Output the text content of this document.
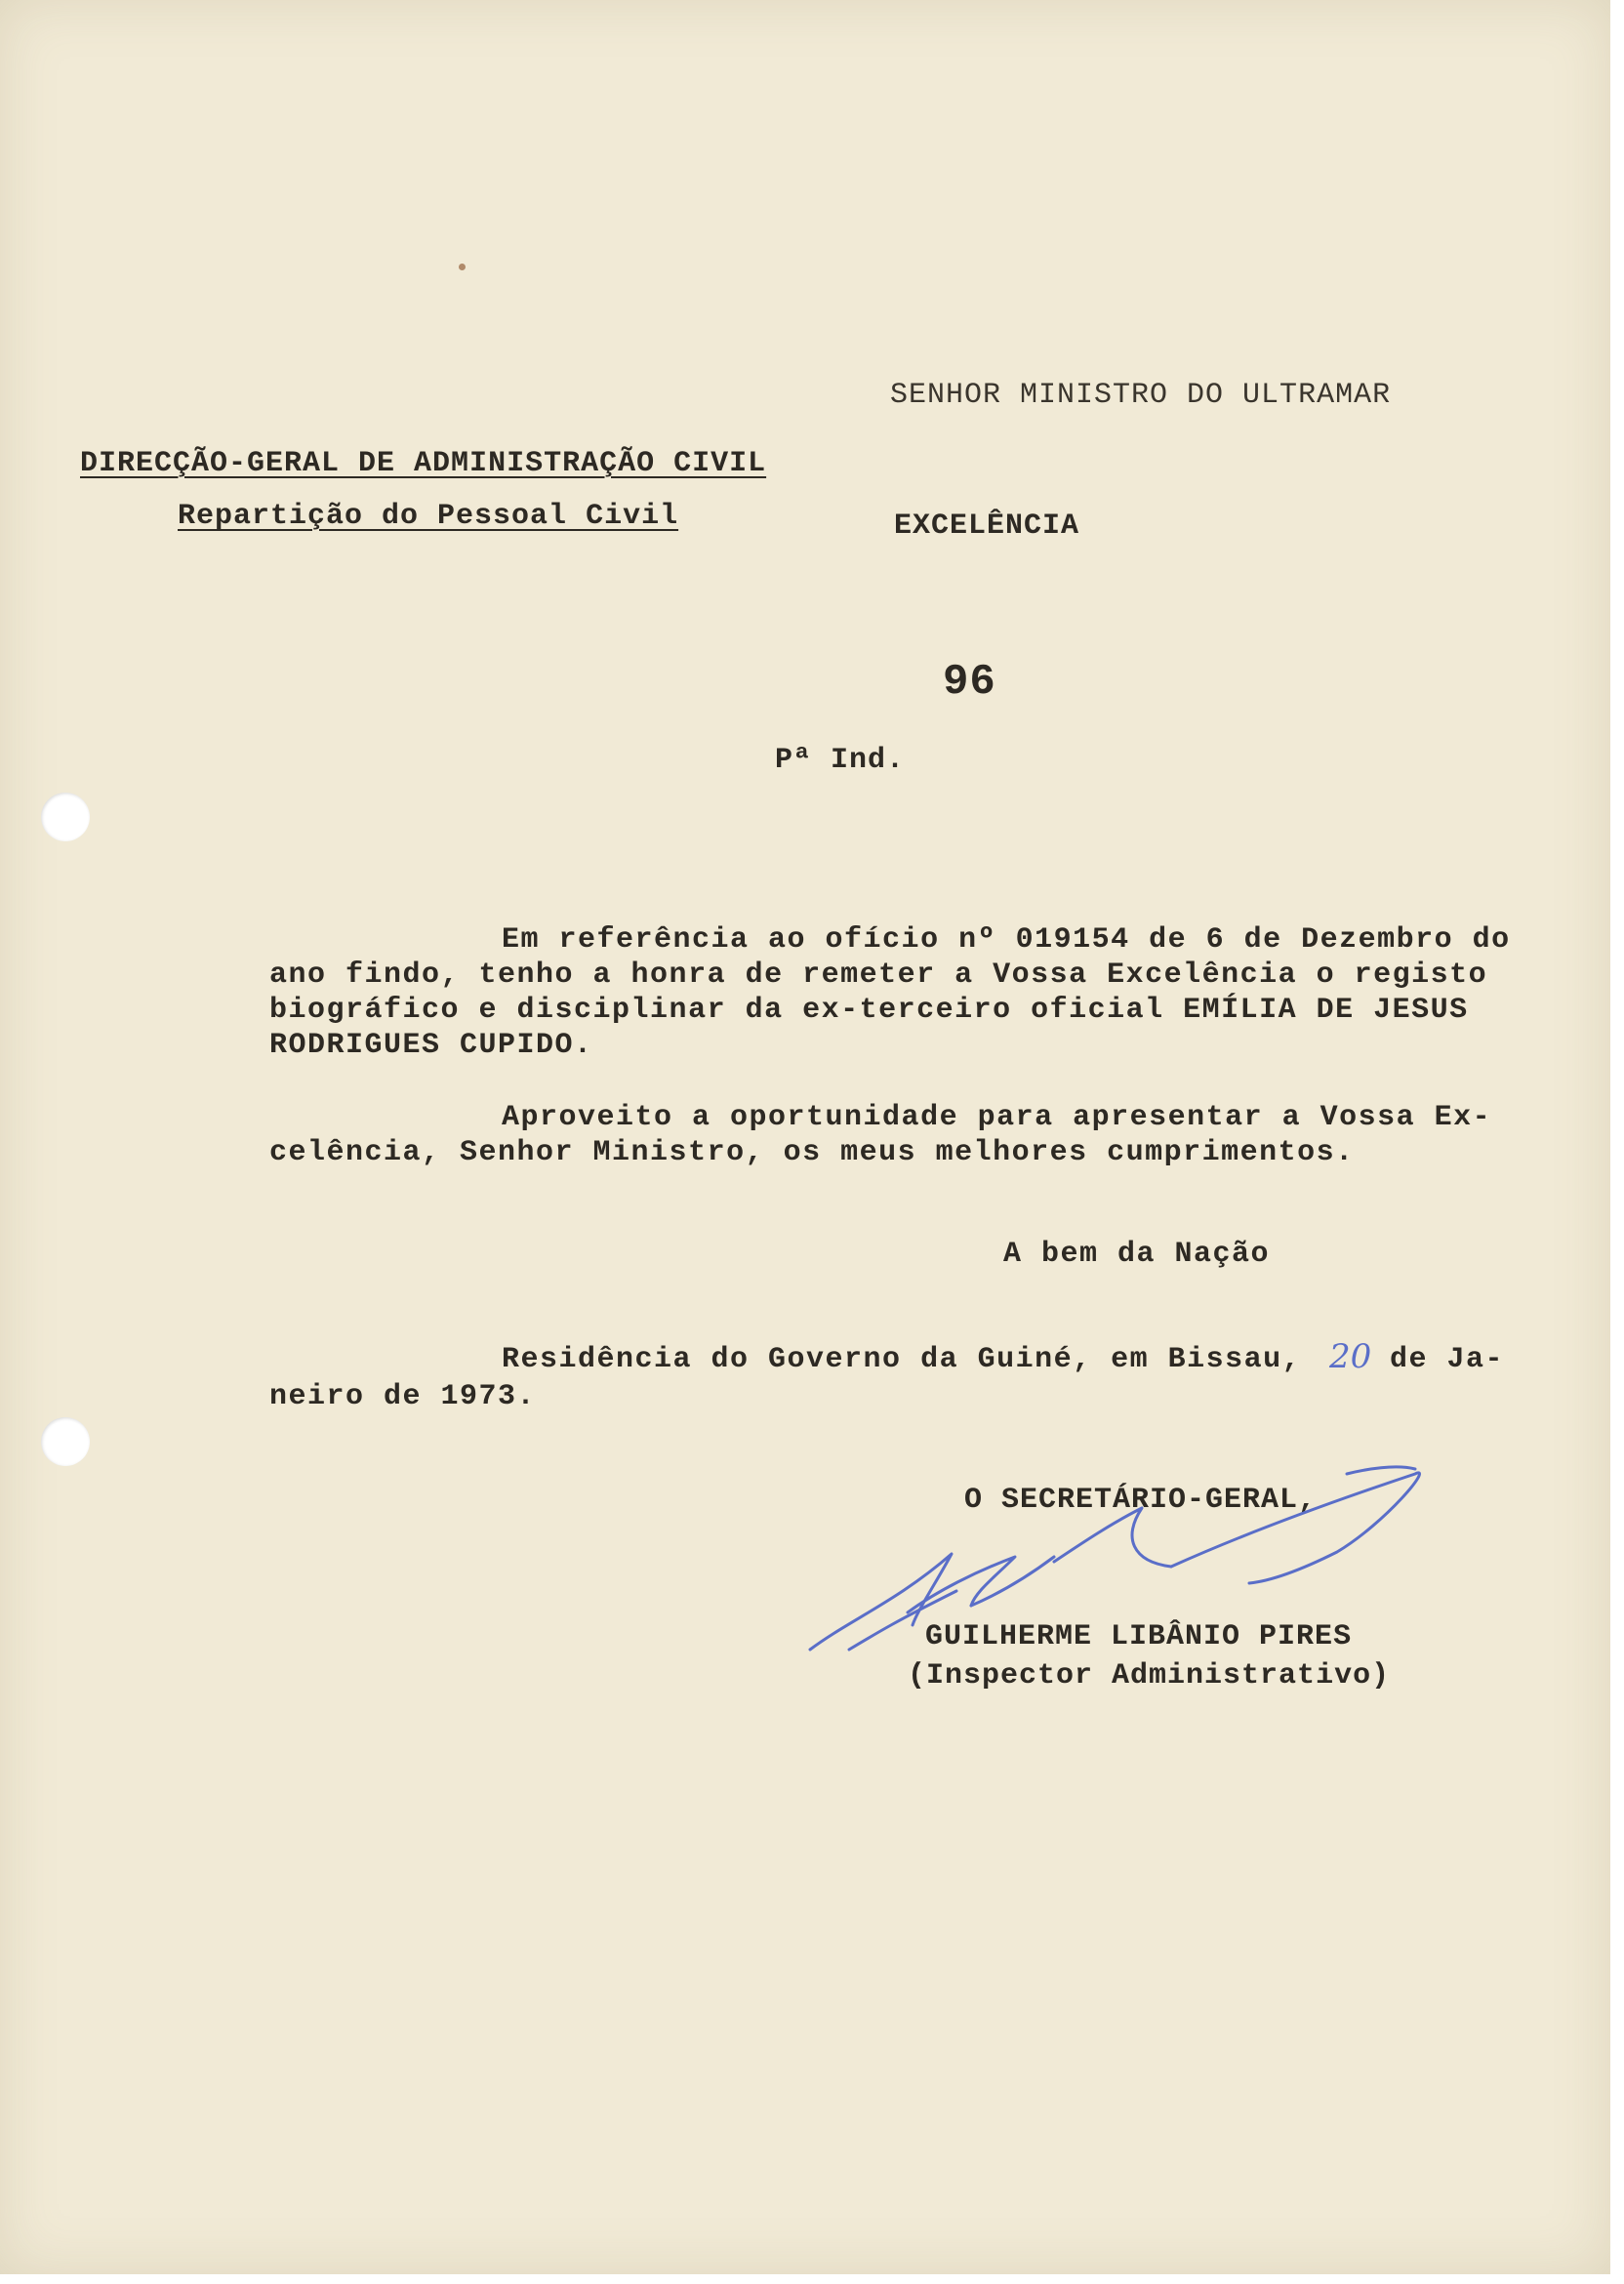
SENHOR MINISTRO DO ULTRAMAR
DIRECÇÃO-GERAL DE ADMINISTRAÇÃO CIVIL
Repartição do Pessoal Civil	EXCELÊNCIA
96
Pª Ind.
Em referência ao ofício nº 019154 de 6 de Dezembro do
ano findo, tenho a honra de remeter a Vossa Excelência o registo
biográfico e disciplinar da ex-terceiro oficial EMÍLIA DE JESUS
RODRIGUES CUPIDO.
Aproveito a oportunidade para apresentar a Vossa Ex-
celência, Senhor Ministro, os meus melhores cumprimentos.
A bem da Nação
Residência do Governo da Guiné, em Bissau, 20 de Ja-
neiro de 1973.
O SECRETÁRIO-GERAL,
GUILHERME LIBÂNIO PIRES
(Inspector Administrativo)
